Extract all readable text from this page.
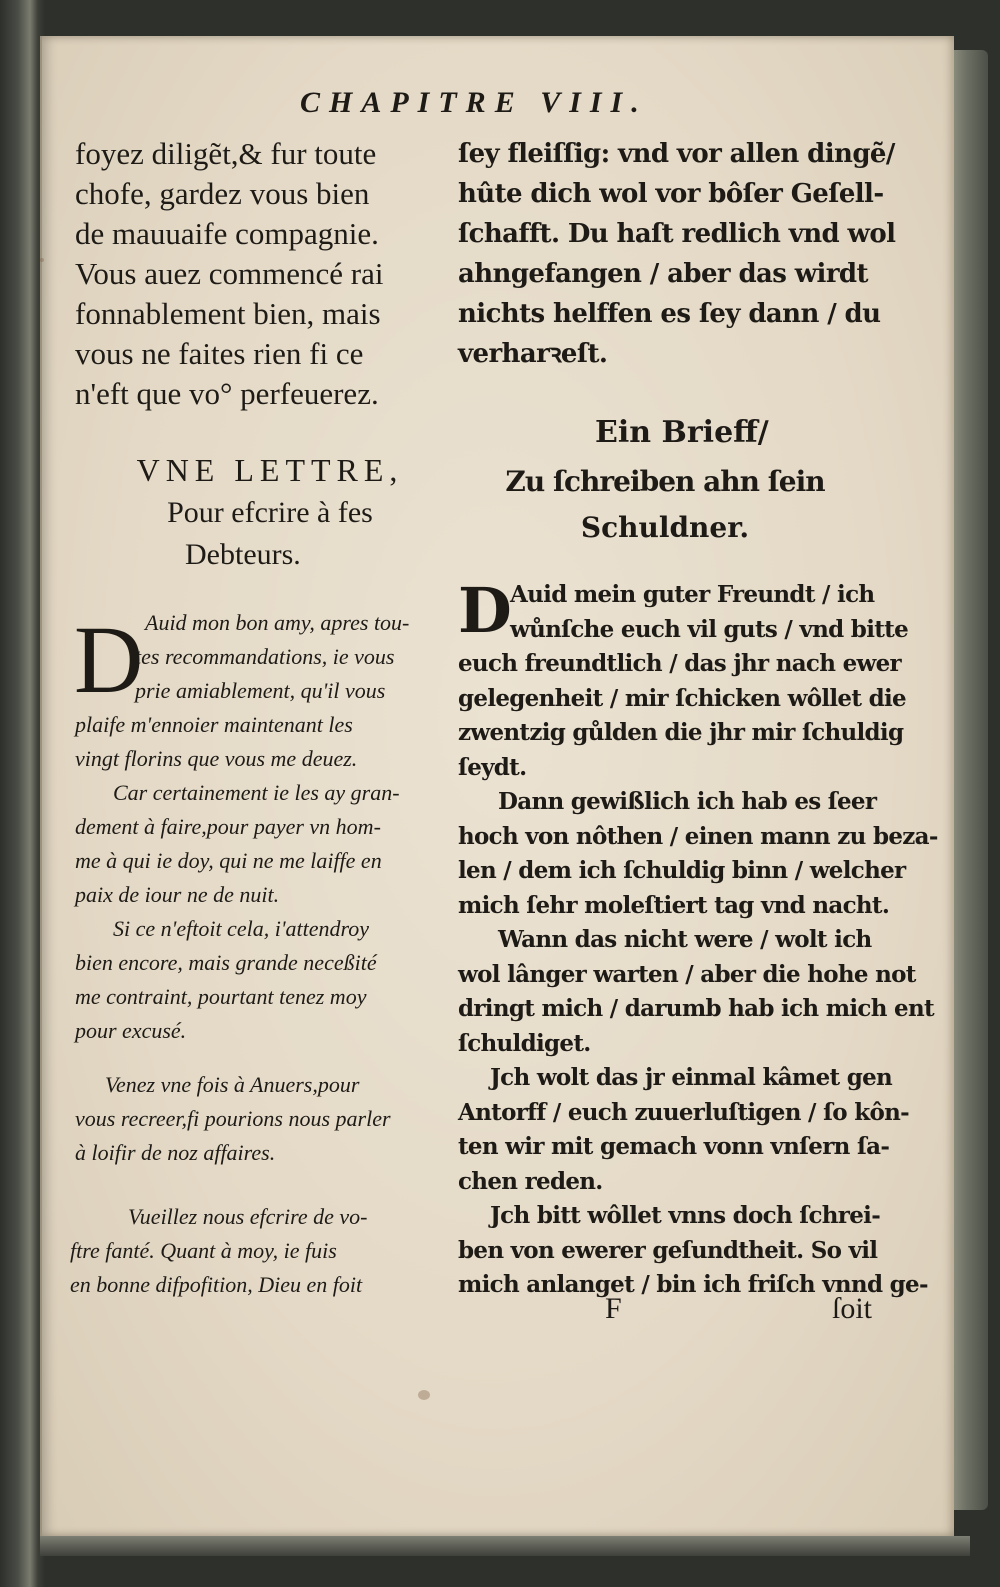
CHAPITRE VIII.
foyez diligẽt,& fur toute
chofe, gardez vous bien
de mauuaife compagnie.
Vous auez commencé rai
fonnablement bien, mais
vous ne faites rien fi ce
n'eft que vo° perfeuerez.
ſey fleiſſig: vnd vor allen dingẽ/
hûte dich wol vor bôſer Geſell-
ſchafft. Du haſt redlich vnd wol
ahngefangen / aber das wirdt
nichts helffen es ſey dann / du
verharꝛeſt.
VNE LETTRE,
Pour efcrire à fes
Debteurs.
Ein Brieff/
Zu ſchreiben ahn ſein
Schuldner.
D Auid mon bon amy, apres tou-
tes recommandations, ie vous
prie amiablement, qu'il vous
plaife m'ennoier maintenant les
vingt florins que vous me deuez.
Car certainement ie les ay gran-
dement à faire,pour payer vn hom-
me à qui ie doy, qui ne me laiffe en
paix de iour ne de nuit.
Si ce n'eftoit cela, i'attendroy
bien encore, mais grande neceßité
me contraint, pourtant tenez moy
pour excusé.
Venez vne fois à Anuers,pour
vous recreer,fi pourions nous parler
à loifir de noz affaires.
Vueillez nous efcrire de vo-
ftre fanté. Quant à moy, ie fuis
en bonne difpofition, Dieu en foit
D
Auid mein guter Freundt / ich
wůnſche euch vil guts / vnd bitte
euch freundtlich / das jhr nach ewer
gelegenheit / mir ſchicken wôllet die
zwentzig gůlden die jhr mir ſchuldig
ſeydt.
Dann gewißlich ich hab es ſeer
hoch von nôthen / einen mann zu beza-
len / dem ich ſchuldig binn / welcher
mich ſehr moleſtiert tag vnd nacht.
Wann das nicht were / wolt ich
wol lânger warten / aber die hohe not
dringt mich / darumb hab ich mich ent
ſchuldiget.
Jch wolt das jr einmal kâmet gen
Antorff / euch zuuerluſtigen / ſo kôn-
ten wir mit gemach vonn vnſern ſa-
chen reden.
Jch bitt wôllet vnns doch ſchrei-
ben von ewerer geſundtheit. So vil
mich anlanget / bin ich friſch vnnd ge-
F	ſoit
